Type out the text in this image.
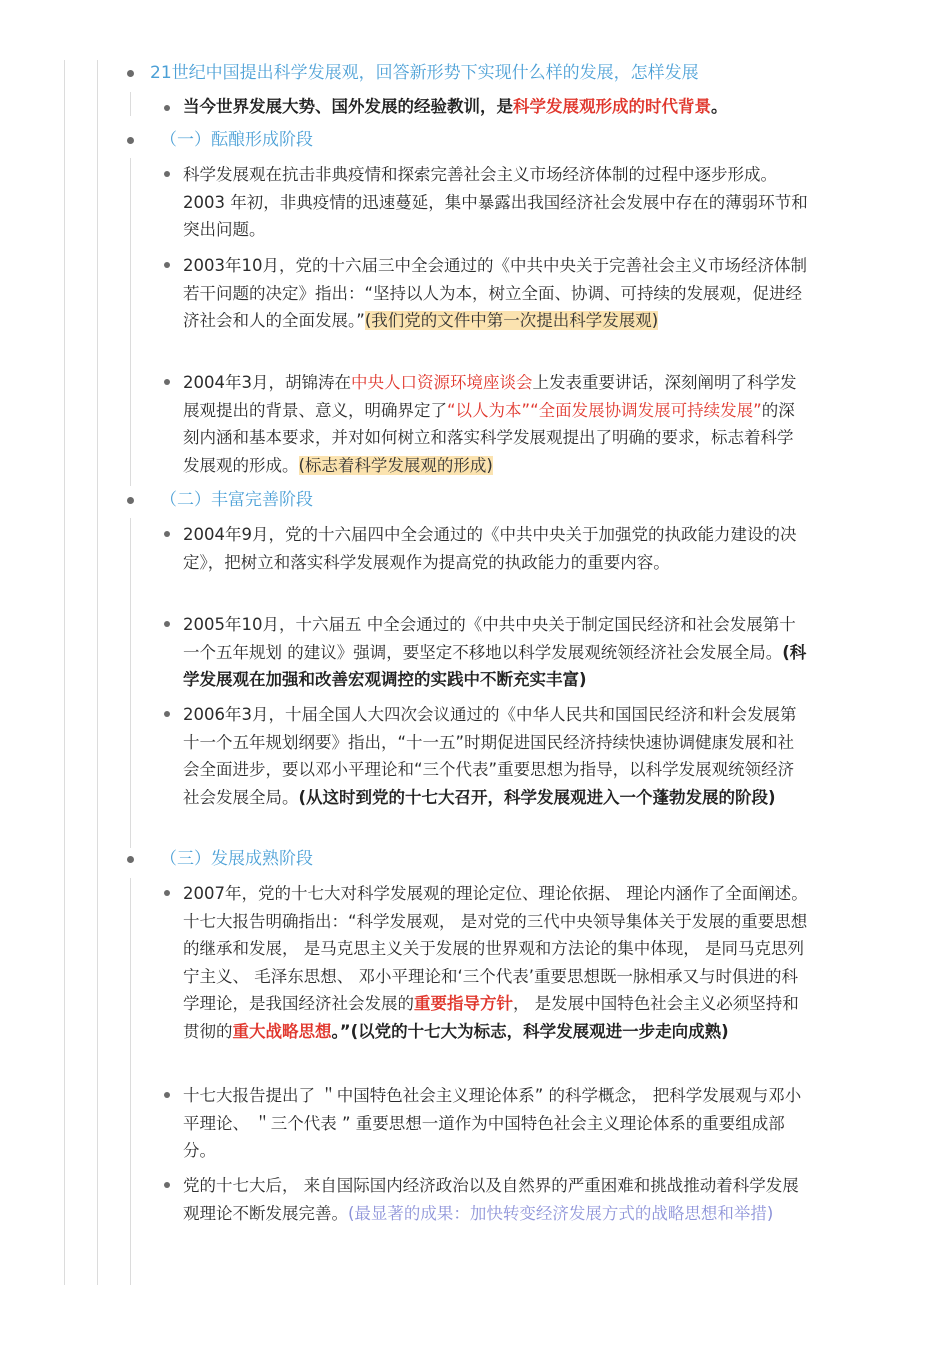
21世纪中国提出科学发展观，回答新形势下实现什么样的发展，怎样发展
当今世界发展大势、国外发展的经验教训，是科学发展观形成的时代背景。
（一）酝酿形成阶段
科学发展观在抗击非典疫情和探索完善社会主义市场经济体制的过程中逐步形成。2003 年初，非典疫情的迅速蔓延，集中暴露出我国经济社会发展中存在的薄弱环节和突出问题。
2003年10月，党的十六届三中全会通过的《中共中央关于完善社会主义市场经济体制若干问题的决定》指出：“坚持以人为本，树立全面、协调、可持续的发展观，促进经济社会和人的全面发展。”(我们党的文件中第一次提出科学发展观)
2004年3月，胡锦涛在中央人口资源环境座谈会上发表重要讲话，深刻阐明了科学发展观提出的背景、意义，明确界定了“以人为本”“全面发展协调发展可持续发展”的深刻内涵和基本要求，并对如何树立和落实科学发展观提出了明确的要求，标志着科学发展观的形成。(标志着科学发展观的形成)
（二）丰富完善阶段
2004年9月，党的十六届四中全会通过的《中共中央关于加强党的执政能力建设的决定》，把树立和落实科学发展观作为提高党的执政能力的重要内容。
2005年10月，十六届五 中全会通过的《中共中央关于制定国民经济和社会发展第十一个五年规划 的建议》强调，要坚定不移地以科学发展观统领经济社会发展全局。(科学发展观在加强和改善宏观调控的实践中不断充实丰富)
2006年3月，十届全国人大四次会议通过的《中华人民共和国国民经济和籵会发展第十一个五年规划纲要》指出，“十一五”时期促进国民经济持续快速协调健康发展和社会全面进步，要以邓小平理论和“三个代表”重要思想为指导，以科学发展观统领经济社会发展全局。(从这时到党的十七大召开，科学发展观进入一个蓬勃发展的阶段)
（三）发展成熟阶段
2007年，党的十七大对科学发展观的理论定位、理论依据、 理论内涵作了全面阐述。十七大报告明确指出：“科学发展观， 是对党的三代中央领导集体关于发展的重要思想的继承和发展， 是马克思主义关于发展的世界观和方法论的集中体现， 是同马克思列宁主义、 毛泽东思想、 邓小平理论和‘三个代表’重要思想既一脉相承又与时俱进的科学理论，是我国经济社会发展的重要指导方针， 是发展中国特色社会主义必须坚持和贯彻的重大战略思想。”(以党的十七大为标志，科学发展观进一步走向成熟)
十七大报告提出了 ＂中国特色社会主义理论体系” 的科学概念， 把科学发展观与邓小平理论、 ＂三个代表 ” 重要思想一道作为中国特色社会主义理论体系的重要组成部分。
党的十七大后， 来自国际国内经济政治以及自然界的严重困难和挑战推动着科学发展观理论不断发展完善。(最显著的成果：加快转变经济发展方式的战略思想和举措)
